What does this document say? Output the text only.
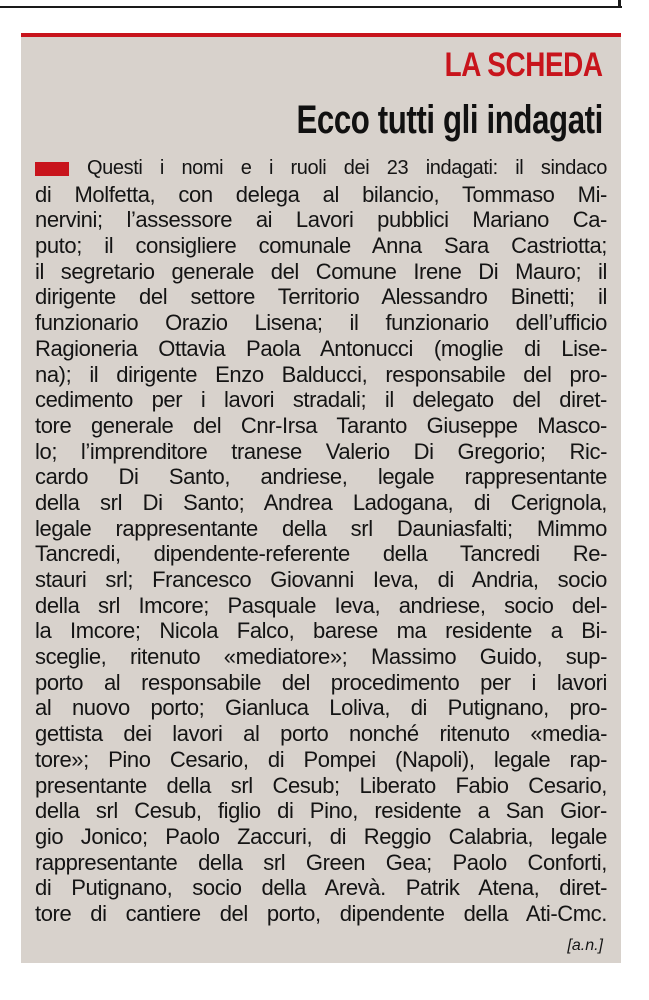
LA SCHEDA
Ecco tutti gli indagati
Questi i nomi e i ruoli dei 23 indagati: il sindaco
di Molfetta, con delega al bilancio, Tommaso Mi-
nervini; l’assessore ai Lavori pubblici Mariano Ca-
puto; il consigliere comunale Anna Sara Castriotta;
il segretario generale del Comune Irene Di Mauro; il
dirigente del settore Territorio Alessandro Binetti; il
funzionario Orazio Lisena; il funzionario dell’ufficio
Ragioneria Ottavia Paola Antonucci (moglie di Lise-
na); il dirigente Enzo Balducci, responsabile del pro-
cedimento per i lavori stradali; il delegato del diret-
tore generale del Cnr-Irsa Taranto Giuseppe Masco-
lo; l’imprenditore tranese Valerio Di Gregorio; Ric-
cardo Di Santo, andriese, legale rappresentante
della srl Di Santo; Andrea Ladogana, di Cerignola,
legale rappresentante della srl Dauniasfalti; Mimmo
Tancredi, dipendente-referente della Tancredi Re-
stauri srl; Francesco Giovanni Ieva, di Andria, socio
della srl Imcore; Pasquale Ieva, andriese, socio del-
la Imcore; Nicola Falco, barese ma residente a Bi-
sceglie, ritenuto «mediatore»; Massimo Guido, sup-
porto al responsabile del procedimento per i lavori
al nuovo porto; Gianluca Loliva, di Putignano, pro-
gettista dei lavori al porto nonché ritenuto «media-
tore»; Pino Cesario, di Pompei (Napoli), legale rap-
presentante della srl Cesub; Liberato Fabio Cesario,
della srl Cesub, figlio di Pino, residente a San Gior-
gio Jonico; Paolo Zaccuri, di Reggio Calabria, legale
rappresentante della srl Green Gea; Paolo Conforti,
di Putignano, socio della Arevà. Patrik Atena, diret-
tore di cantiere del porto, dipendente della Ati-Cmc.
[a.n.]
